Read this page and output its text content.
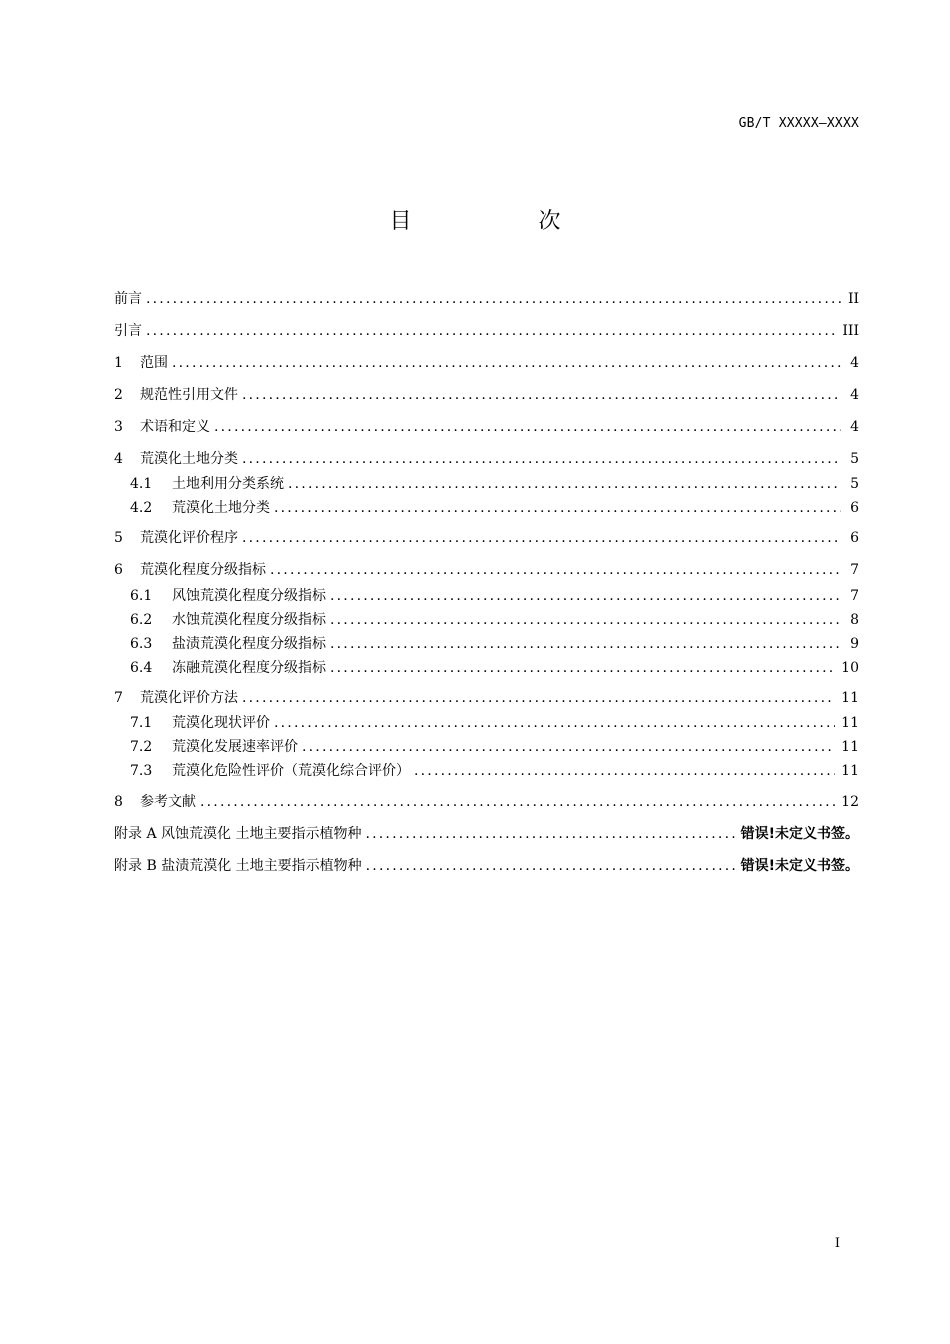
GB/T XXXXX—XXXX
目 次
前言 .....	II
引言 .....	III
1	范围 .....	4
2	规范性引用文件 .....	4
3	术语和定义 .....	4
4	荒漠化土地分类 .....	5
4.1	土地利用分类系统 .....	5
4.2	荒漠化土地分类 .....	6
5	荒漠化评价程序 .....	6
6	荒漠化程度分级指标 .....	7
6.1	风蚀荒漠化程度分级指标 .....	7
6.2	水蚀荒漠化程度分级指标 .....	8
6.3	盐渍荒漠化程度分级指标 .....	9
6.4	冻融荒漠化程度分级指标 .....	10
7	荒漠化评价方法 .....	11
7.1	荒漠化现状评价 .....	11
7.2	荒漠化发展速率评价 .....	11
7.3	荒漠化危险性评价（荒漠化综合评价） .....	11
8	参考文献 .....	12
附录 A 风蚀荒漠化 土地主要指示植物种 .....	错误!未定义书签。
附录 B 盐渍荒漠化 土地主要指示植物种 .....	错误!未定义书签。
I
